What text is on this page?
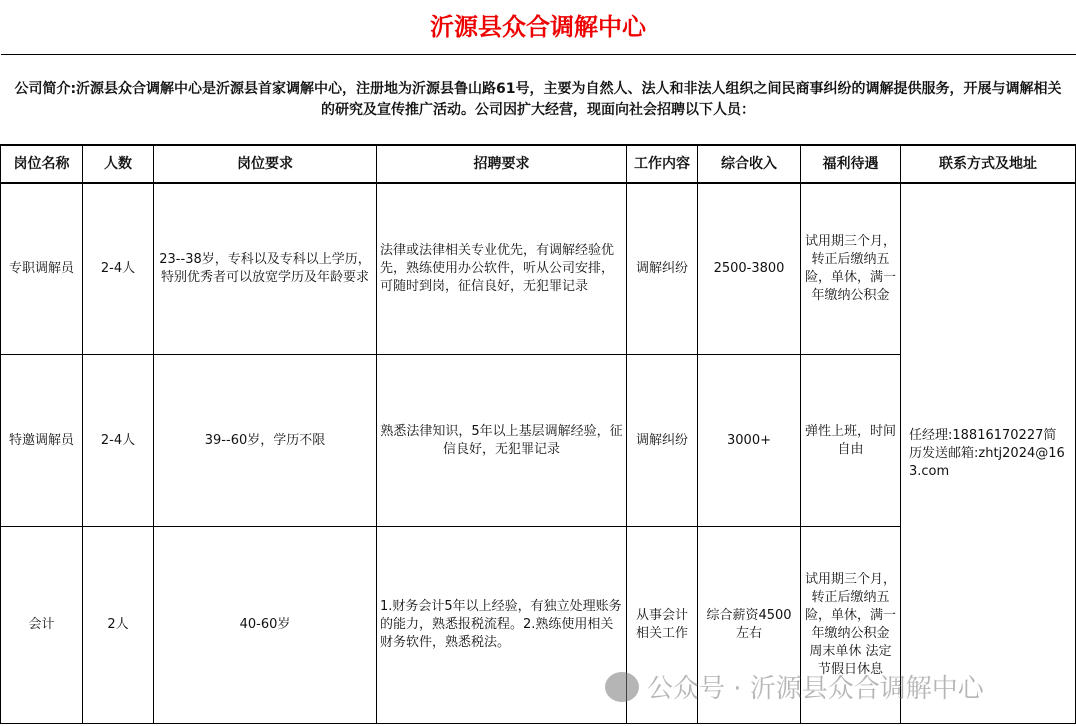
沂源县众合调解中心							
公司简介:沂源县众合调解中心是沂源县首家调解中心，注册地为沂源县鲁山路61号，主要为自然人、法人和非法人组织之间民商事纠纷的调解提供服务，开展与调解相关的研究及宣传推广活动。公司因扩大经营，现面向社会招聘以下人员：							
岗位名称	人数	岗位要求	招聘要求	工作内容	综合收入	福利待遇	联系方式及地址
专职调解员	2-4人	23--38岁，专科以及专科以上学历，特别优秀者可以放宽学历及年龄要求	法律或法律相关专业优先，有调解经验优先，熟练使用办公软件，听从公司安排，可随时到岗，征信良好，无犯罪记录	调解纠纷	2500-3800	试用期三个月，转正后缴纳五险，单休，满一年缴纳公积金	任经理:18816170227简历发送邮箱:zhtj2024@163.com
特邀调解员	2-4人	39--60岁，学历不限	熟悉法律知识，5年以上基层调解经验，征信良好，无犯罪记录	调解纠纷	3000+	弹性上班，时间自由	
会计	2人	40-60岁	1.财务会计5年以上经验，有独立处理账务的能力，熟悉报税流程。2.熟练使用相关财务软件，熟悉税法。	从事会计相关工作	综合薪资4500左右	试用期三个月，转正后缴纳五险，单休，满一年缴纳公积金 周末单休 法定节假日休息	
公众号 · 沂源县众合调解中心
